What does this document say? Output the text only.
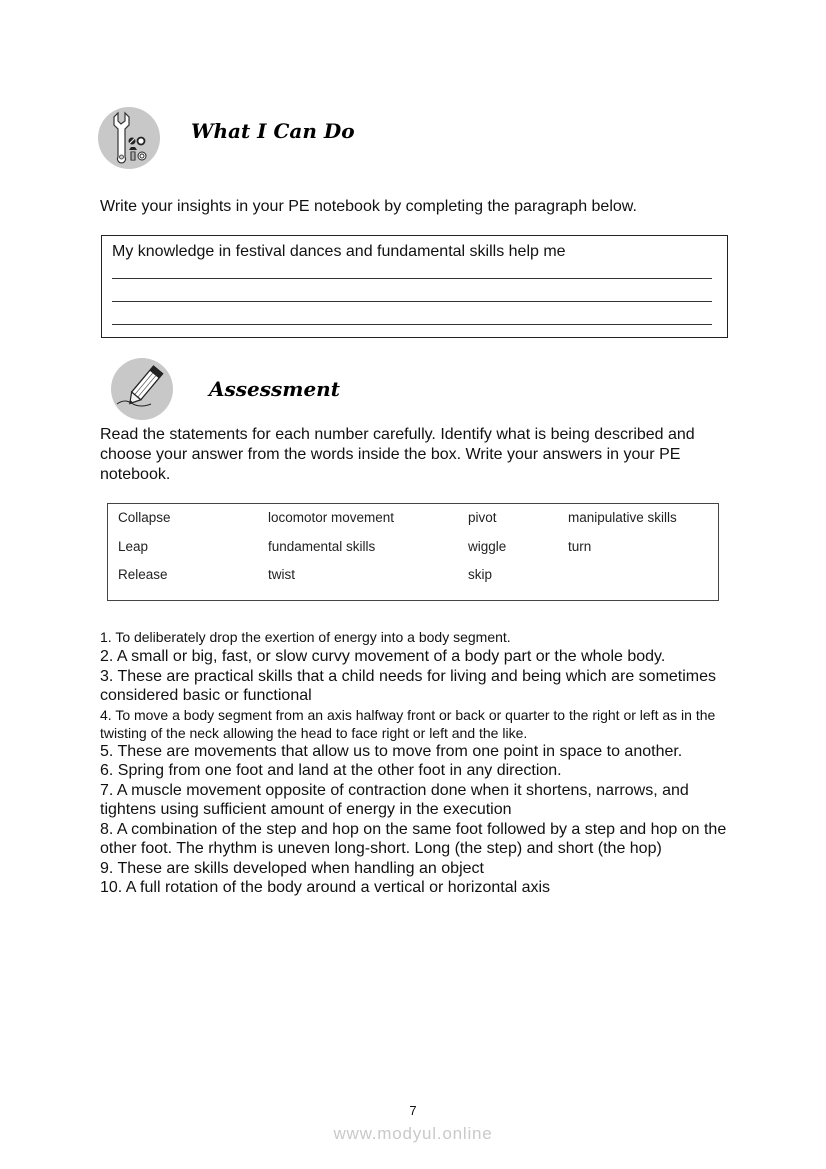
What I Can Do
Write your insights in your PE notebook by completing the paragraph below.
My knowledge in festival dances and fundamental skills help me
Assessment
Read the statements for each number carefully. Identify what is being described and choose your answer from the words inside the box. Write your answers in your PE notebook.
Collapse	locomotor movement	pivot	manipulative skills
Leap	fundamental skills	wiggle	turn
Release	twist	skip
1. To deliberately drop the exertion of energy into a body segment.
2. A small or big, fast, or slow curvy movement of a body part or the whole body.
3. These are practical skills that a child needs for living and being which are sometimes considered basic or functional
4. To move a body segment from an axis halfway front or back or quarter to the right or left as in the twisting of the neck allowing the head to face right or left and the like.
5. These are movements that allow us to move from one point in space to another.
6. Spring from one foot and land at the other foot in any direction.
7. A muscle movement opposite of contraction done when it shortens, narrows, and tightens using sufficient amount of energy in the execution
8. A combination of the step and hop on the same foot followed by a step and hop on the other foot. The rhythm is uneven long-short. Long (the step) and short (the hop)
9. These are skills developed when handling an object
10. A full rotation of the body around a vertical or horizontal axis
7
www.modyul.online
